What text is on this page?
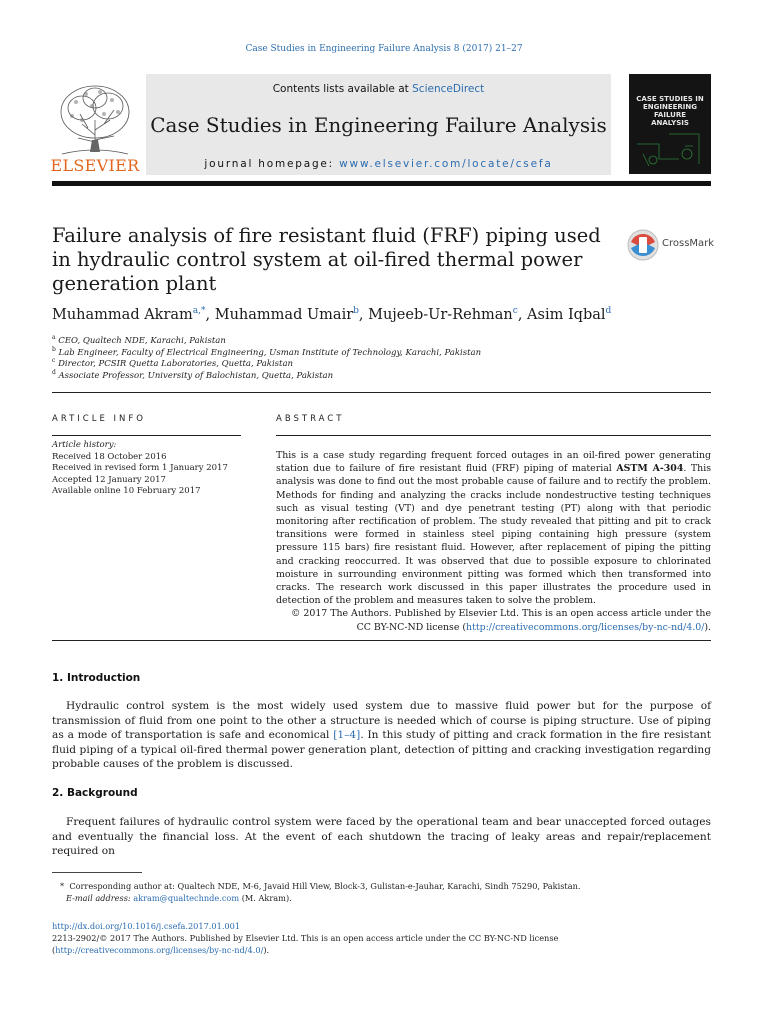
Case Studies in Engineering Failure Analysis 8 (2017) 21–27
ELSEVIER
Contents lists available at ScienceDirect
Case Studies in Engineering Failure Analysis
journal homepage: www.elsevier.com/locate/csefa
CASE STUDIES IN ENGINEERING FAILURE ANALYSIS
Failure analysis of fire resistant fluid (FRF) piping used in hydraulic control system at oil-fired thermal power generation plant
CrossMark
Muhammad Akram$^{a,*}$, Muhammad Umair$^b$, Mujeeb-Ur-Rehman$^c$, Asim Iqbal$^d$
$^a$ CEO, Qualtech NDE, Karachi, Pakistan
$^b$ Lab Engineer, Faculty of Electrical Engineering, Usman Institute of Technology, Karachi, Pakistan
$^c$ Director, PCSIR Quetta Laboratories, Quetta, Pakistan
$^d$ Associate Professor, University of Balochistan, Quetta, Pakistan
ARTICLE INFO
Article history:
Received 18 October 2016
Received in revised form 1 January 2017
Accepted 12 January 2017
Available online 10 February 2017
ABSTRACT
This is a case study regarding frequent forced outages in an oil-fired power generating station due to failure of fire resistant fluid (FRF) piping of material ASTM A-304. This analysis was done to find out the most probable cause of failure and to rectify the problem. Methods for finding and analyzing the cracks include nondestructive testing techniques such as visual testing (VT) and dye penetrant testing (PT) along with that periodic monitoring after rectification of problem. The study revealed that pitting and pit to crack transitions were formed in stainless steel piping containing high pressure (system pressure 115 bars) fire resistant fluid. However, after replacement of piping the pitting and cracking reoccurred. It was observed that due to possible exposure to chlorinated moisture in surrounding environment pitting was formed which then transformed into cracks. The research work discussed in this paper illustrates the procedure used in detection of the problem and measures taken to solve the problem.
© 2017 The Authors. Published by Elsevier Ltd. This is an open access article under the CC BY-NC-ND license (http://creativecommons.org/licenses/by-nc-nd/4.0/).
1. Introduction
Hydraulic control system is the most widely used system due to massive fluid power but for the purpose of transmission of fluid from one point to the other a structure is needed which of course is piping structure. Use of piping as a mode of transportation is safe and economical [1–4]. In this study of pitting and crack formation in the fire resistant fluid piping of a typical oil-fired thermal power generation plant, detection of pitting and cracking investigation regarding probable causes of the problem is discussed.
2. Background
Frequent failures of hydraulic control system were faced by the operational team and bear unaccepted forced outages and eventually the financial loss. At the event of each shutdown the tracing of leaky areas and repair/replacement required on
* Corresponding author at: Qualtech NDE, M-6, Javaid Hill View, Block-3, Gulistan-e-Jauhar, Karachi, Sindh 75290, Pakistan.
E-mail address: akram@qualtechnde.com (M. Akram).
http://dx.doi.org/10.1016/j.csefa.2017.01.001
2213-2902/© 2017 The Authors. Published by Elsevier Ltd. This is an open access article under the CC BY-NC-ND license (http://creativecommons.org/licenses/by-nc-nd/4.0/).
